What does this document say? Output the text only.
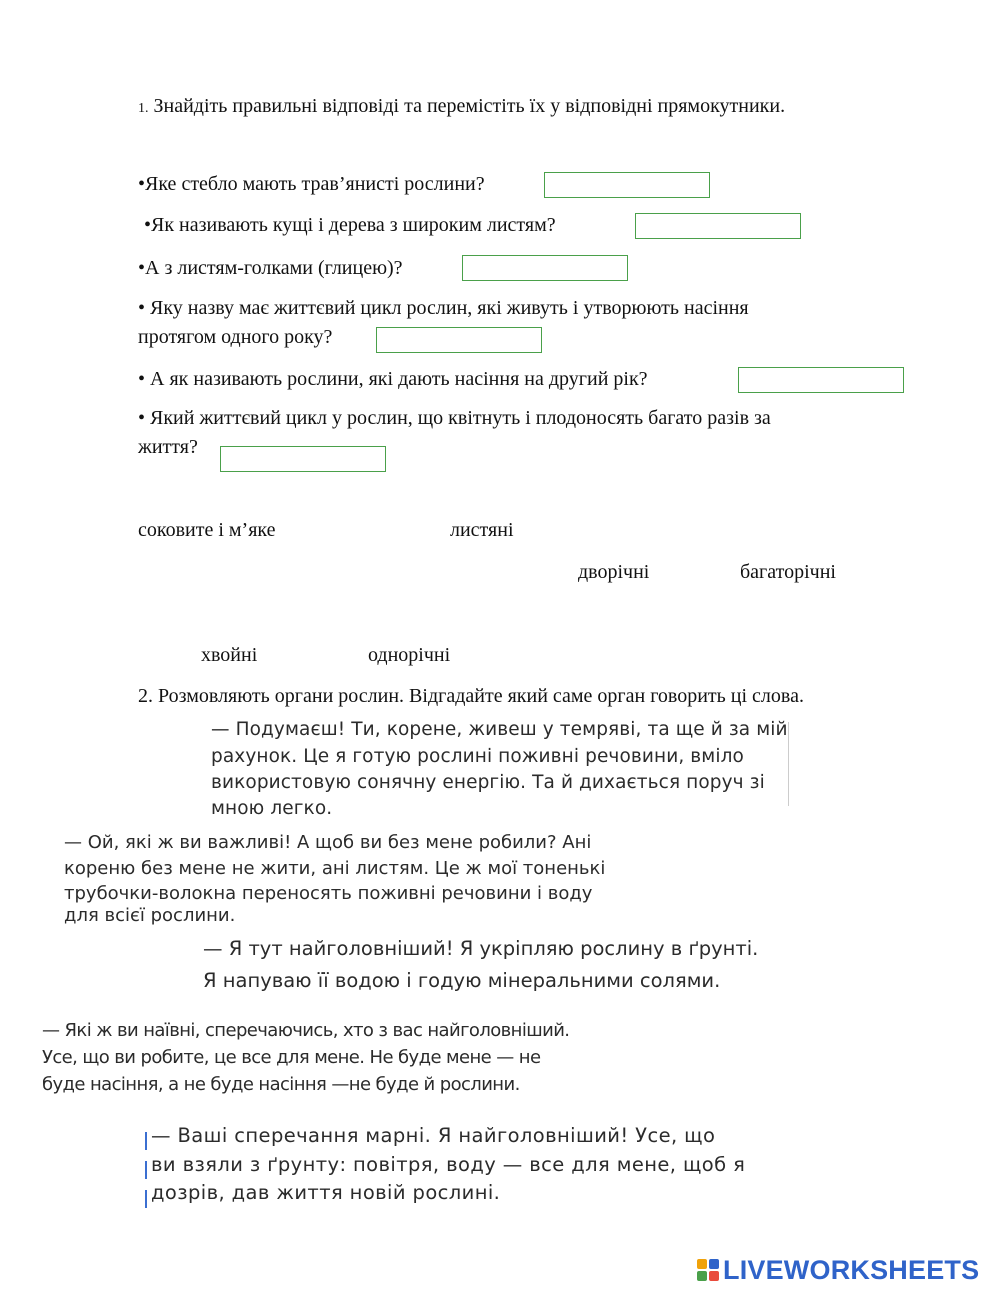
1. Знайдіть правильні відповіді та перемістіть їх у відповідні прямокутники.
•Яке стебло мають трав’янисті рослини?
•Як називають кущі і дерева з широким листям?
•А з листям-голками (глицею)?
• Яку назву має життєвий цикл рослин, які живуть і утворюють насіння
протягом одного року?
• А як називають рослини, які дають насіння на другий рік?
• Який життєвий цикл у рослин, що квітнуть і плодоносять багато разів за
життя?
соковите і м’яке	листяні
дворічні	багаторічні
хвойні	однорічні
2. Розмовляють органи рослин. Відгадайте який саме орган говорить ці слова.
— Подумаєш! Ти, корене, живеш у темряві, та ще й за мій
рахунок. Це я готую рослині поживні речовини, вміло
використовую сонячну енергію. Та й дихається поруч зі
мною легко.
— Ой, які ж ви важливі! А щоб ви без мене робили? Ані
кореню без мене не жити, ані листям. Це ж мої тоненькі
трубочки-волокна переносять поживні речовини і воду
для всієї рослини.
— Я тут найголовніший! Я укріпляю рослину в ґрунті.
Я напуваю її водою і годую мінеральними солями.
— Які ж ви наївні, сперечаючись, хто з вас найголовніший.
Усе, що ви робите, це все для мене. Не буде мене — не
буде насіння, а не буде насіння —не буде й рослини.
— Ваші сперечання марні. Я найголовніший! Усе, що
ви взяли з ґрунту: повітря, воду — все для мене, щоб я
дозрів, дав життя новій рослині.
LIVEWORKSHEETS
